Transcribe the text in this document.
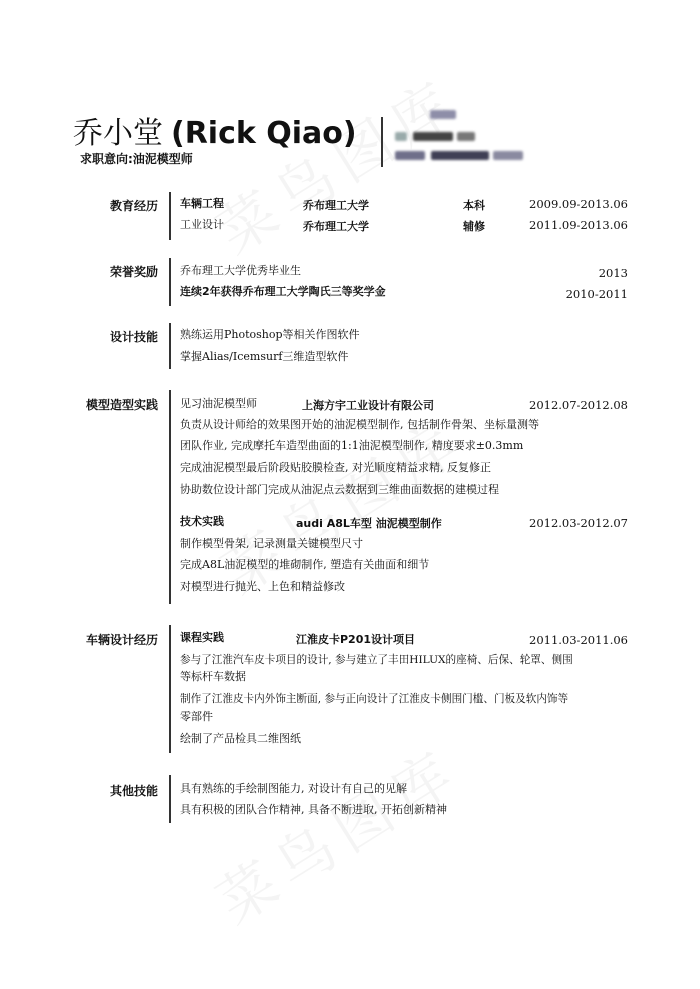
乔小堂 (Rick Qiao)
求职意向:油泥模型师
教育经历 车辆工程	乔布理工大学	本科	2009.09-2013.06
工业设计	乔布理工大学	辅修	2011.09-2013.06
荣誉奖励 乔布理工大学优秀毕业生	2013
连续2年获得乔布理工大学陶氏三等奖学金	2010-2011
设计技能 熟练运用Photoshop等相关作图软件
掌握Alias/Icemsurf三维造型软件
模型造型实践 见习油泥模型师	上海方宇工业设计有限公司	2012.07-2012.08
负责从设计师给的效果图开始的油泥模型制作, 包括制作骨架、坐标量测等
团队作业, 完成摩托车造型曲面的1:1油泥模型制作, 精度要求±0.3mm
完成油泥模型最后阶段贴胶膜检查, 对光顺度精益求精, 反复修正
协助数位设计部门完成从油泥点云数据到三维曲面数据的建模过程
技术实践	audi A8L车型 油泥模型制作	2012.03-2012.07
制作模型骨架, 记录测量关键模型尺寸
完成A8L油泥模型的堆砌制作, 塑造有关曲面和细节
对模型进行抛光、上色和精益修改
车辆设计经历 课程实践	江淮皮卡P201设计项目	2011.03-2011.06
参与了江淮汽车皮卡项目的设计, 参与建立了丰田HILUX的座椅、后保、轮罩、侧围
等标杆车数据
制作了江淮皮卡内外饰主断面, 参与正向设计了江淮皮卡侧围门槛、门板及软内饰等
零部件
绘制了产品检具二维图纸
其他技能 具有熟练的手绘制图能力, 对设计有自己的见解
具有积极的团队合作精神, 具备不断进取, 开拓创新精神
